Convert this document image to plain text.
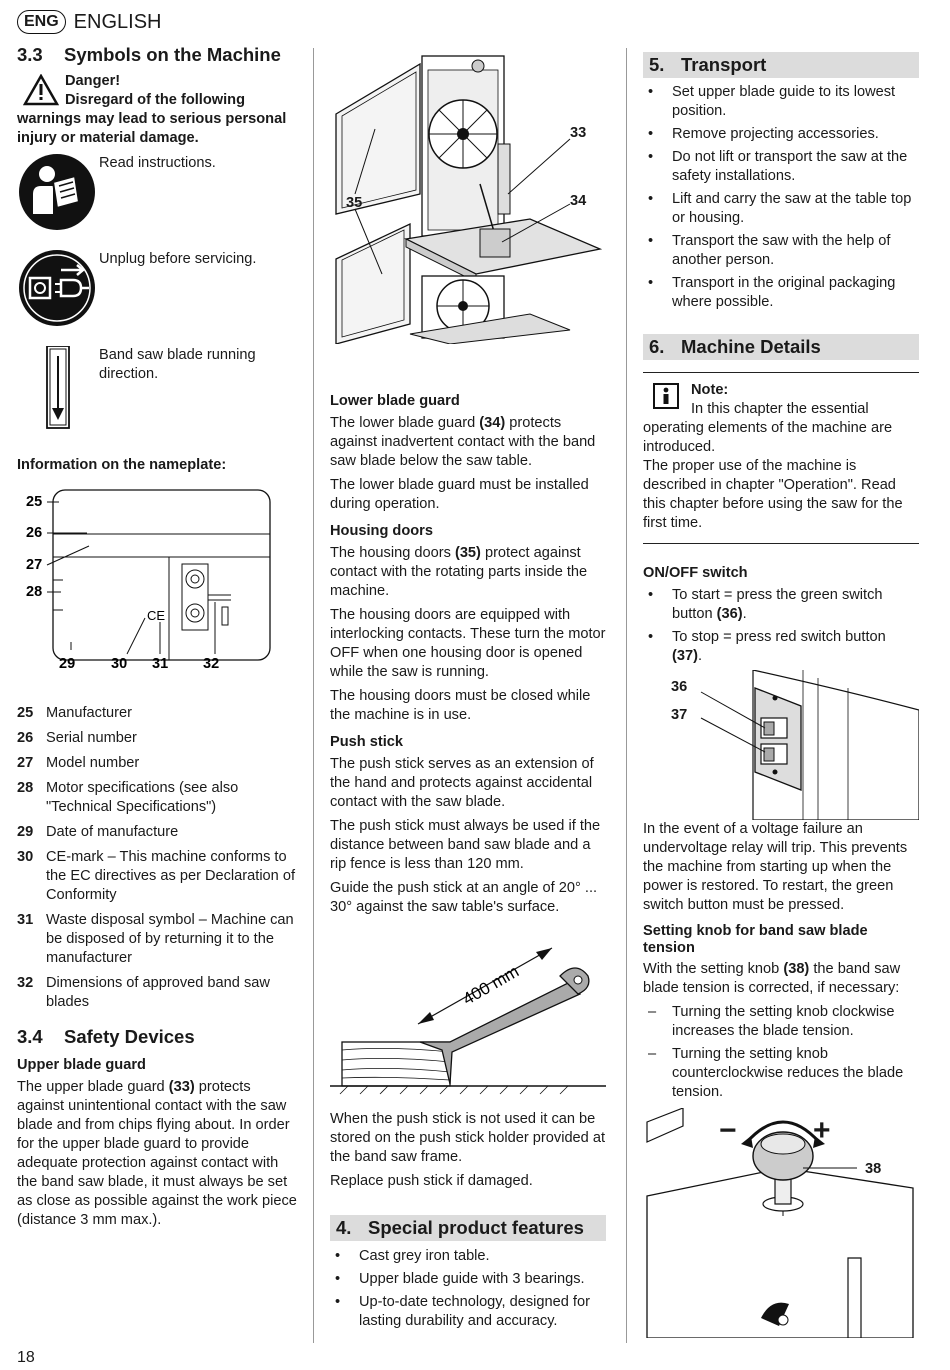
ENG ENGLISH
3.3 Symbols on the Machine
Danger!
Disregard of the following warnings may lead to serious personal injury or material damage.
Read instructions.
Unplug before servicing.
Band saw blade running direction.
Information on the nameplate:
CE
25
26
27
28
29 30 31 32
25 Manufacturer
26 Serial number
27 Model number
28 Motor specifications (see also "Technical Specifications")
29 Date of manufacture
30 CE-mark – This machine conforms to the EC directives as per Declaration of Conformity
31 Waste disposal symbol – Machine can be disposed of by returning it to the manufacturer
32 Dimensions of approved band saw blades
3.4 Safety Devices
Upper blade guard

The upper blade guard (33) protects against unintentional contact with the saw blade and from chips flying about. In order for the upper blade guard to provide adequate protection against contact with the band saw blade, it must always be set as close as possible against the work piece (distance 3 mm max.).

33
34
35
Lower blade guard

The lower blade guard (34) protects against inadvertent contact with the band saw blade below the saw table.

The lower blade guard must be installed during operation.

Housing doors

The housing doors (35) protect against contact with the rotating parts inside the machine.

The housing doors are equipped with interlocking contacts. These turn the motor OFF when one housing door is opened while the saw is running.

The housing doors must be closed while the machine is in use.

Push stick

The push stick serves as an extension of the hand and protects against accidental contact with the saw blade.

The push stick must always be used if the distance between band saw blade and a rip fence is less than 120 mm.

Guide the push stick at an angle of 20° ... 30° against the saw table's surface.

400 mm

When the push stick is not used it can be stored on the push stick holder provided at the band saw frame.

Replace push stick if damaged.

4. Special product features
• Cast grey iron table.
• Upper blade guide with 3 bearings.
• Up-to-date technology, designed for lasting durability and accuracy.
5. Transport
• Set upper blade guide to its lowest position.
• Remove projecting accessories.
• Do not lift or transport the saw at the safety installations.
• Lift and carry the saw at the table top or housing.
• Transport the saw with the help of another person.
• Transport in the original packaging where possible.
6. Machine Details
Note:
In this chapter the essential operating elements of the machine are introduced.
The proper use of the machine is described in chapter "Operation". Read this chapter before using the saw for the first time.
ON/OFF switch
• To start = press the green switch button (36).
• To stop = press red switch button (37).
36
37

In the event of a voltage failure an undervoltage relay will trip. This prevents the machine from starting up when the power is restored. To restart, the green switch button must be pressed.

Setting knob for band saw blade tension

With the setting knob (38) the band saw blade tension is corrected, if necessary:

– Turning the setting knob clockwise increases the blade tension.
– Turning the setting knob counterclockwise reduces the blade tension.
38
−	+
18
